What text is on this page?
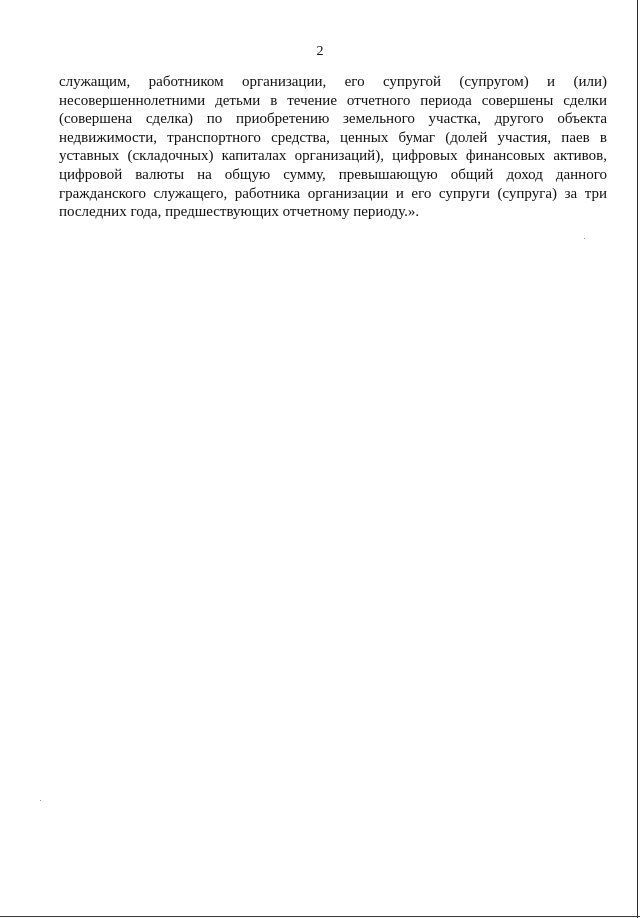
2

служащим, работником организации, его супругой (супругом) и (или)
несовершеннолетними детьми в течение отчетного периода совершены сделки
(совершена сделка) по приобретению земельного участка, другого объекта
недвижимости, транспортного средства, ценных бумаг (долей участия, паев в
уставных (складочных) капиталах организаций), цифровых финансовых активов,
цифровой валюты на общую сумму, превышающую общий доход данного
гражданского служащего, работника организации и его супруги (супруга) за три
последних года, предшествующих отчетному периоду.».
